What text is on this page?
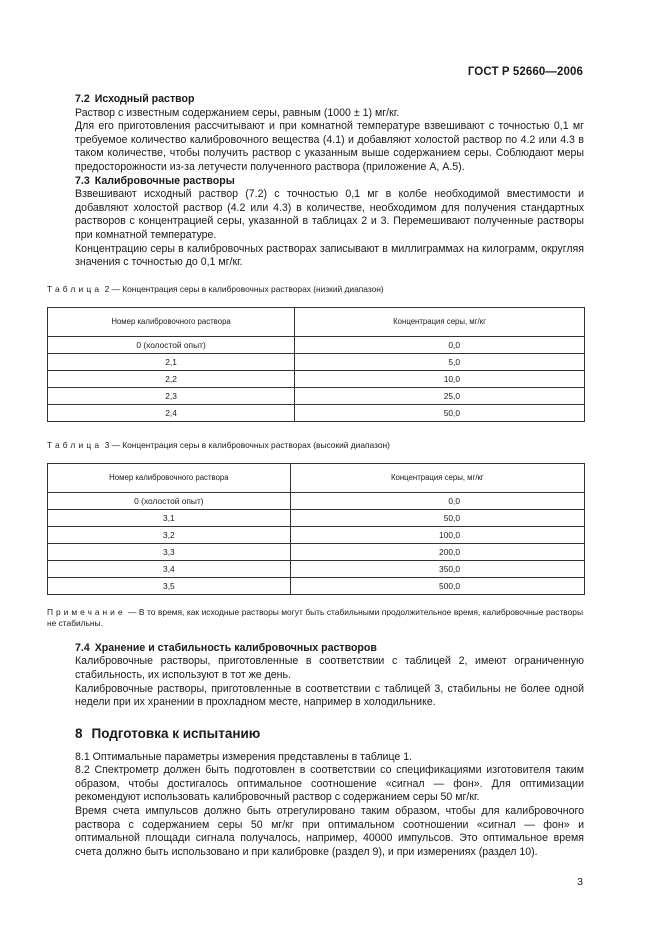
ГОСТ Р 52660—2006

7.2 Исходный раствор

Раствор с известным содержанием серы, равным (1000 ± 1) мг/кг.

Для его приготовления рассчитывают и при комнатной температуре взвешивают с точностью 0,1 мг требуемое количество калибровочного вещества (4.1) и добавляют холостой раствор по 4.2 или 4.3 в таком количестве, чтобы получить раствор с указанным выше содержанием серы. Соблюдают меры предосторожности из-за летучести полученного раствора (приложение А, А.5).

7.3 Калибровочные растворы

Взвешивают исходный раствор (7.2) с точностью 0,1 мг в колбе необходимой вместимости и добавляют холостой раствор (4.2 или 4.3) в количестве, необходимом для получения стандартных растворов с концентрацией серы, указанной в таблицах 2 и 3. Перемешивают полученные растворы при комнатной температуре.

Концентрацию серы в калибровочных растворах записывают в миллиграммах на килограмм, округляя значения с точностью до 0,1 мг/кг.

Таблица 2 — Концентрация серы в калибровочных растворах (низкий диапазон)

Номер калибровочного раствора	Концентрация серы, мг/кг
0 (холостой опыт)	0,0
2,1	5,0
2,2	10,0
2,3	25,0
2,4	50,0

Таблица 3 — Концентрация серы в калибровочных растворах (высокий диапазон)

Номер калибровочного раствора	Концентрация серы, мг/кг
0 (холостой опыт)	0,0
3,1	50,0
3,2	100,0
3,3	200,0
3,4	350,0
3,5	500,0

Примечание — В то время, как исходные растворы могут быть стабильными продолжительное время, калибровочные растворы не стабильны.

7.4 Хранение и стабильность калибровочных растворов

Калибровочные растворы, приготовленные в соответствии с таблицей 2, имеют ограниченную стабильность, их используют в тот же день.

Калибровочные растворы, приготовленные в соответствии с таблицей 3, стабильны не более одной недели при их хранении в прохладном месте, например в холодильнике.

8 Подготовка к испытанию

8.1 Оптимальные параметры измерения представлены в таблице 1.

8.2 Спектрометр должен быть подготовлен в соответствии со спецификациями изготовителя таким образом, чтобы достигалось оптимальное соотношение «сигнал — фон». Для оптимизации рекомендуют использовать калибровочный раствор с содержанием серы 50 мг/кг.

Время счета импульсов должно быть отрегулировано таким образом, чтобы для калибровочного раствора с содержанием серы 50 мг/кг при оптимальном соотношении «сигнал — фон» и оптимальной площади сигнала получалось, например, 40000 импульсов. Это оптимальное время счета должно быть использовано и при калибровке (раздел 9), и при измерениях (раздел 10).

3
